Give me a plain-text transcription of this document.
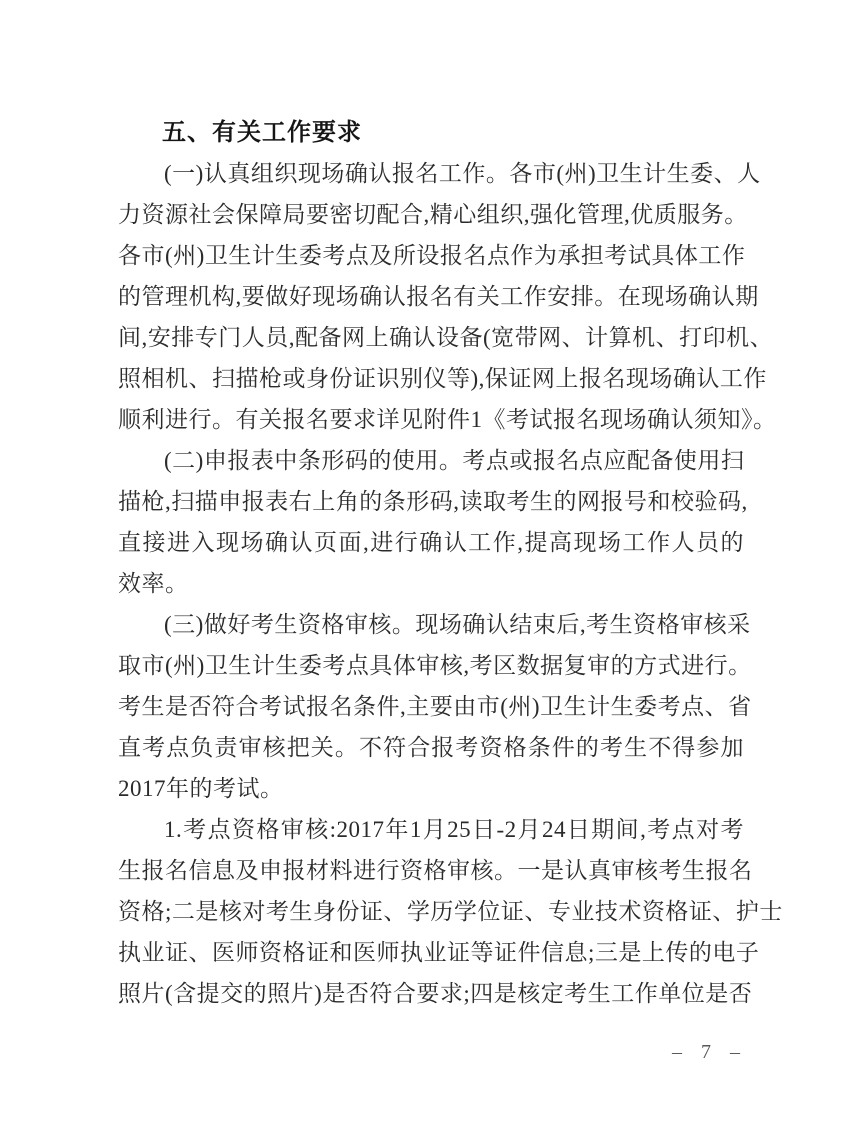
五、有关工作要求
(一)认真组织现场确认报名工作。各市(州)卫生计生委、人
力资源社会保障局要密切配合,精心组织,强化管理,优质服务。
各市(州)卫生计生委考点及所设报名点作为承担考试具体工作
的管理机构,要做好现场确认报名有关工作安排。在现场确认期
间,安排专门人员,配备网上确认设备(宽带网、计算机、打印机、
照相机、扫描枪或身份证识别仪等),保证网上报名现场确认工作
顺利进行。有关报名要求详见附件1《考试报名现场确认须知》。
(二)申报表中条形码的使用。考点或报名点应配备使用扫
描枪,扫描申报表右上角的条形码,读取考生的网报号和校验码,
直接进入现场确认页面,进行确认工作,提高现场工作人员的
效率。
(三)做好考生资格审核。现场确认结束后,考生资格审核采
取市(州)卫生计生委考点具体审核,考区数据复审的方式进行。
考生是否符合考试报名条件,主要由市(州)卫生计生委考点、省
直考点负责审核把关。不符合报考资格条件的考生不得参加
2017年的考试。
1.考点资格审核:2017年1月25日-2月24日期间,考点对考
生报名信息及申报材料进行资格审核。一是认真审核考生报名
资格;二是核对考生身份证、学历学位证、专业技术资格证、护士
执业证、医师资格证和医师执业证等证件信息;三是上传的电子
照片(含提交的照片)是否符合要求;四是核定考生工作单位是否
– 7 –
